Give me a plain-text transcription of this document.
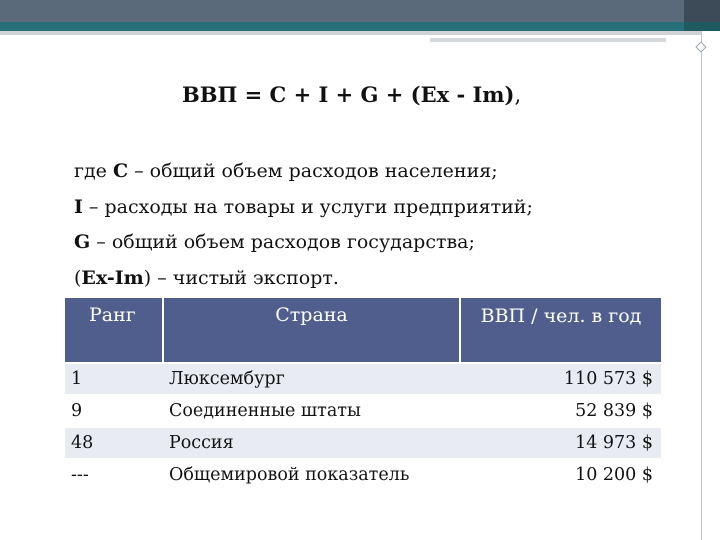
ВВП = C + I + G + (Ex - Im),
где C – общий объем расходов населения;
I – расходы на товары и услуги предприятий;
G – общий объем расходов государства;
(Ex-Im) – чистый экспорт.
Ранг	Страна	ВВП / чел. в год
1	Люксембург	110 573 $
9	Соединенные штаты	52 839 $
48	Россия	14 973 $
---	Общемировой показатель	10 200 $
